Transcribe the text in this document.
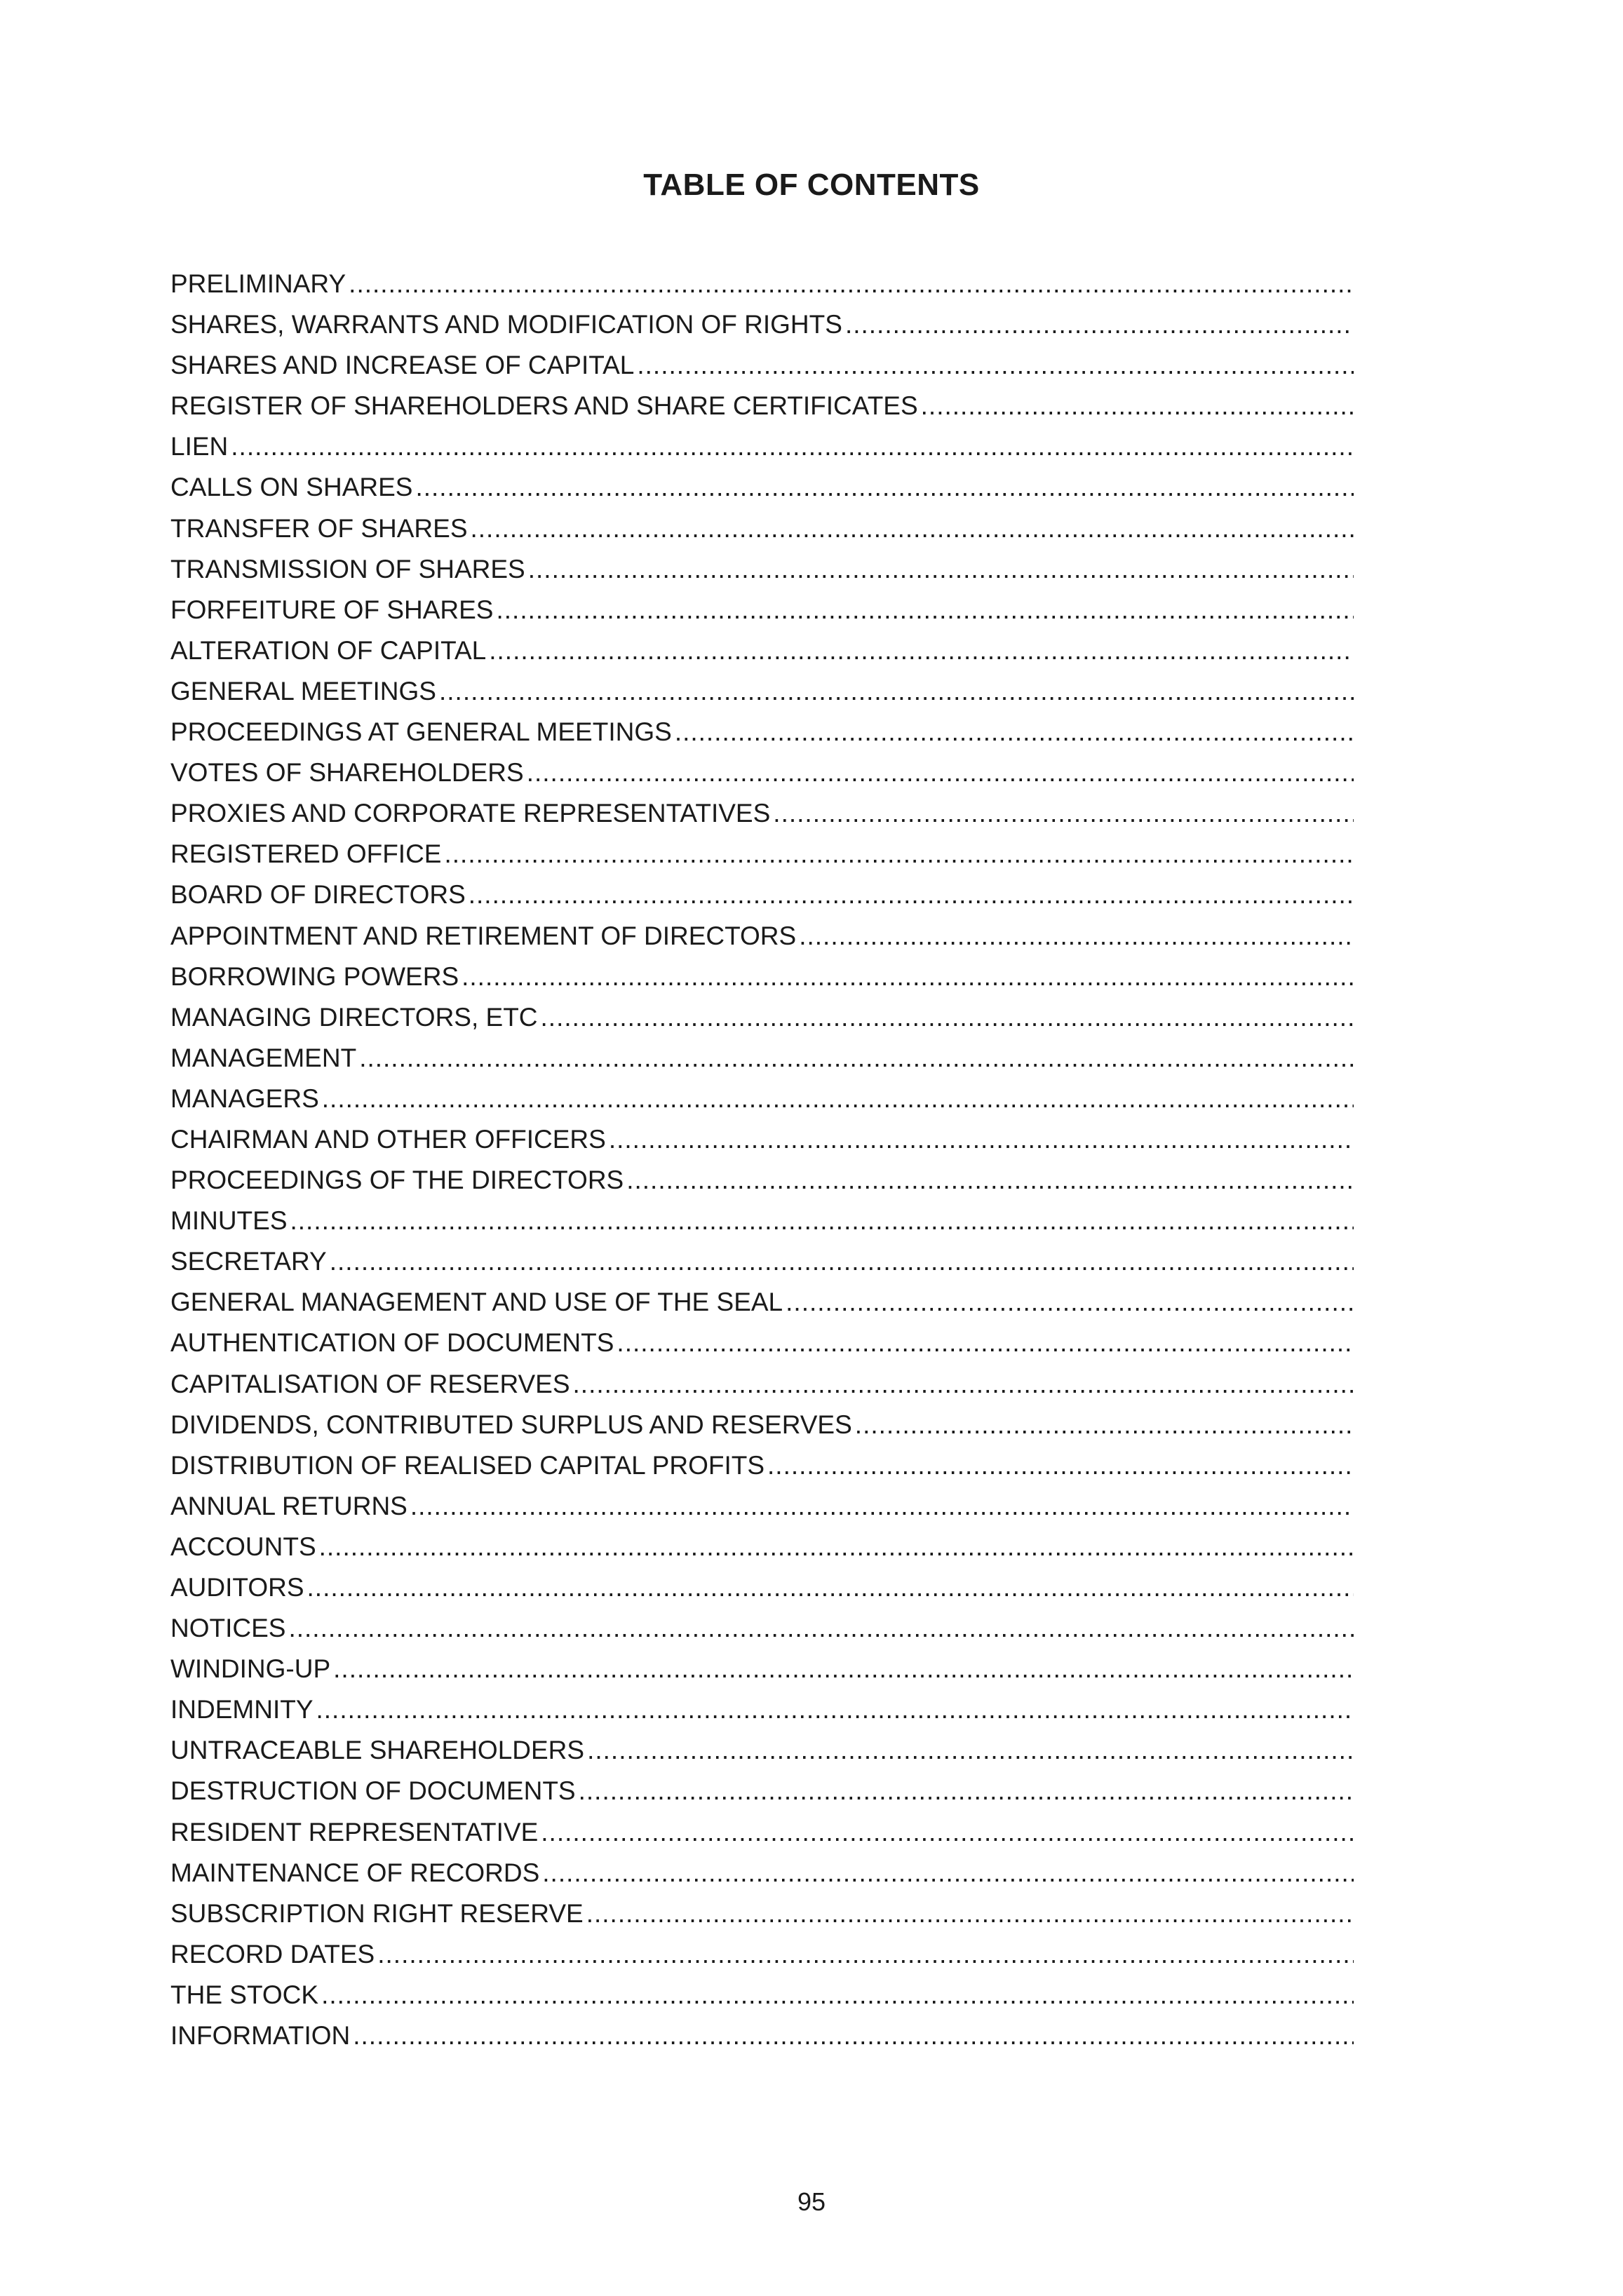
TABLE OF CONTENTS
PRELIMINARY
.....
SHARES, WARRANTS AND MODIFICATION OF RIGHTS
.....
SHARES AND INCREASE OF CAPITAL
.....
REGISTER OF SHAREHOLDERS AND SHARE CERTIFICATES
.....
LIEN
.....
CALLS ON SHARES
.....
TRANSFER OF SHARES
.....
TRANSMISSION OF SHARES
.....
FORFEITURE OF SHARES
.....
ALTERATION OF CAPITAL
.....
GENERAL MEETINGS
.....
PROCEEDINGS AT GENERAL MEETINGS
.....
VOTES OF SHAREHOLDERS
.....
PROXIES AND CORPORATE REPRESENTATIVES
.....
REGISTERED OFFICE
.....
BOARD OF DIRECTORS
.....
APPOINTMENT AND RETIREMENT OF DIRECTORS
.....
BORROWING POWERS
.....
MANAGING DIRECTORS, ETC
.....
MANAGEMENT
.....
MANAGERS
.....
CHAIRMAN AND OTHER OFFICERS
.....
PROCEEDINGS OF THE DIRECTORS
.....
MINUTES
.....
SECRETARY
.....
GENERAL MANAGEMENT AND USE OF THE SEAL
.....
AUTHENTICATION OF DOCUMENTS
.....
CAPITALISATION OF RESERVES
.....
DIVIDENDS, CONTRIBUTED SURPLUS AND RESERVES
.....
DISTRIBUTION OF REALISED CAPITAL PROFITS
.....
ANNUAL RETURNS
.....
ACCOUNTS
.....
AUDITORS
.....
NOTICES
.....
WINDING-UP
.....
INDEMNITY
.....
UNTRACEABLE SHAREHOLDERS
.....
DESTRUCTION OF DOCUMENTS
.....
RESIDENT REPRESENTATIVE
.....
MAINTENANCE OF RECORDS
.....
SUBSCRIPTION RIGHT RESERVE
.....
RECORD DATES
.....
THE STOCK
.....
INFORMATION
.....
95
